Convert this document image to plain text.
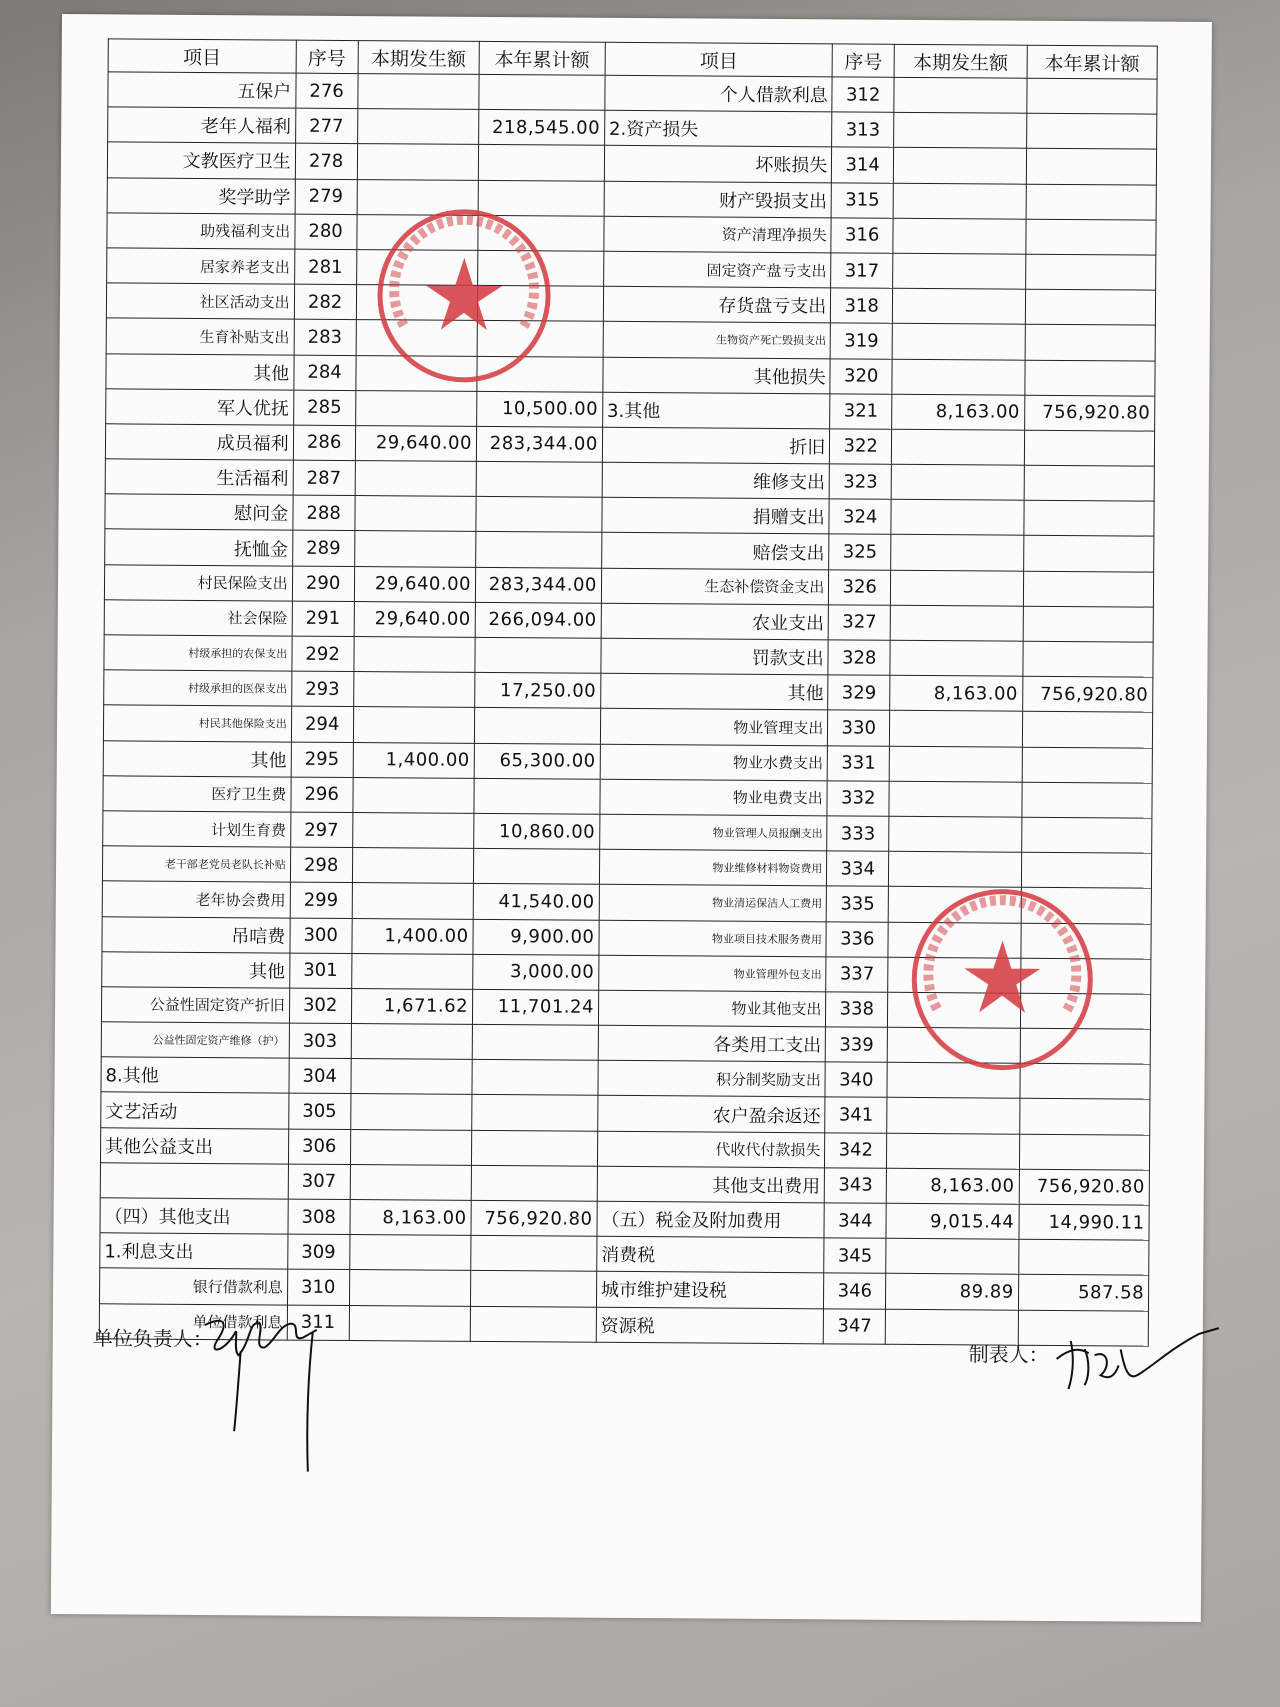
项目	序号	本期发生额	本年累计额	项目	序号	本期发生额	本年累计额
五保户	276			个人借款利息	312		
老年人福利	277		218,545.00	2.资产损失	313		
文教医疗卫生	278			坏账损失	314		
奖学助学	279			财产毁损支出	315		
助残福利支出	280			资产清理净损失	316		
居家养老支出	281			固定资产盘亏支出	317		
社区活动支出	282			存货盘亏支出	318		
生育补贴支出	283			生物资产死亡毁损支出	319		
其他	284			其他损失	320		
军人优抚	285		10,500.00	3.其他	321	8,163.00	756,920.80
成员福利	286	29,640.00	283,344.00	折旧	322		
生活福利	287			维修支出	323		
慰问金	288			捐赠支出	324		
抚恤金	289			赔偿支出	325		
村民保险支出	290	29,640.00	283,344.00	生态补偿资金支出	326		
社会保险	291	29,640.00	266,094.00	农业支出	327		
村级承担的农保支出	292			罚款支出	328		
村级承担的医保支出	293		17,250.00	其他	329	8,163.00	756,920.80
村民其他保险支出	294			物业管理支出	330		
其他	295	1,400.00	65,300.00	物业水费支出	331		
医疗卫生费	296			物业电费支出	332		
计划生育费	297		10,860.00	物业管理人员报酬支出	333		
老干部老党员老队长补贴	298			物业维修材料物资费用	334		
老年协会费用	299		41,540.00	物业清运保洁人工费用	335		
吊唁费	300	1,400.00	9,900.00	物业项目技术服务费用	336		
其他	301		3,000.00	物业管理外包支出	337		
公益性固定资产折旧	302	1,671.62	11,701.24	物业其他支出	338		
公益性固定资产维修（护）	303			各类用工支出	339		
8.其他	304			积分制奖励支出	340		
文艺活动	305			农户盈余返还	341		
其他公益支出	306			代收代付款损失	342		
	307			其他支出费用	343	8,163.00	756,920.80
（四）其他支出	308	8,163.00	756,920.80	（五）税金及附加费用	344	9,015.44	14,990.11
1.利息支出	309			消费税	345		
银行借款利息	310			城市维护建设税	346	89.89	587.58
单位借款利息	311			资源税	347		
单位负责人：
制表人：
